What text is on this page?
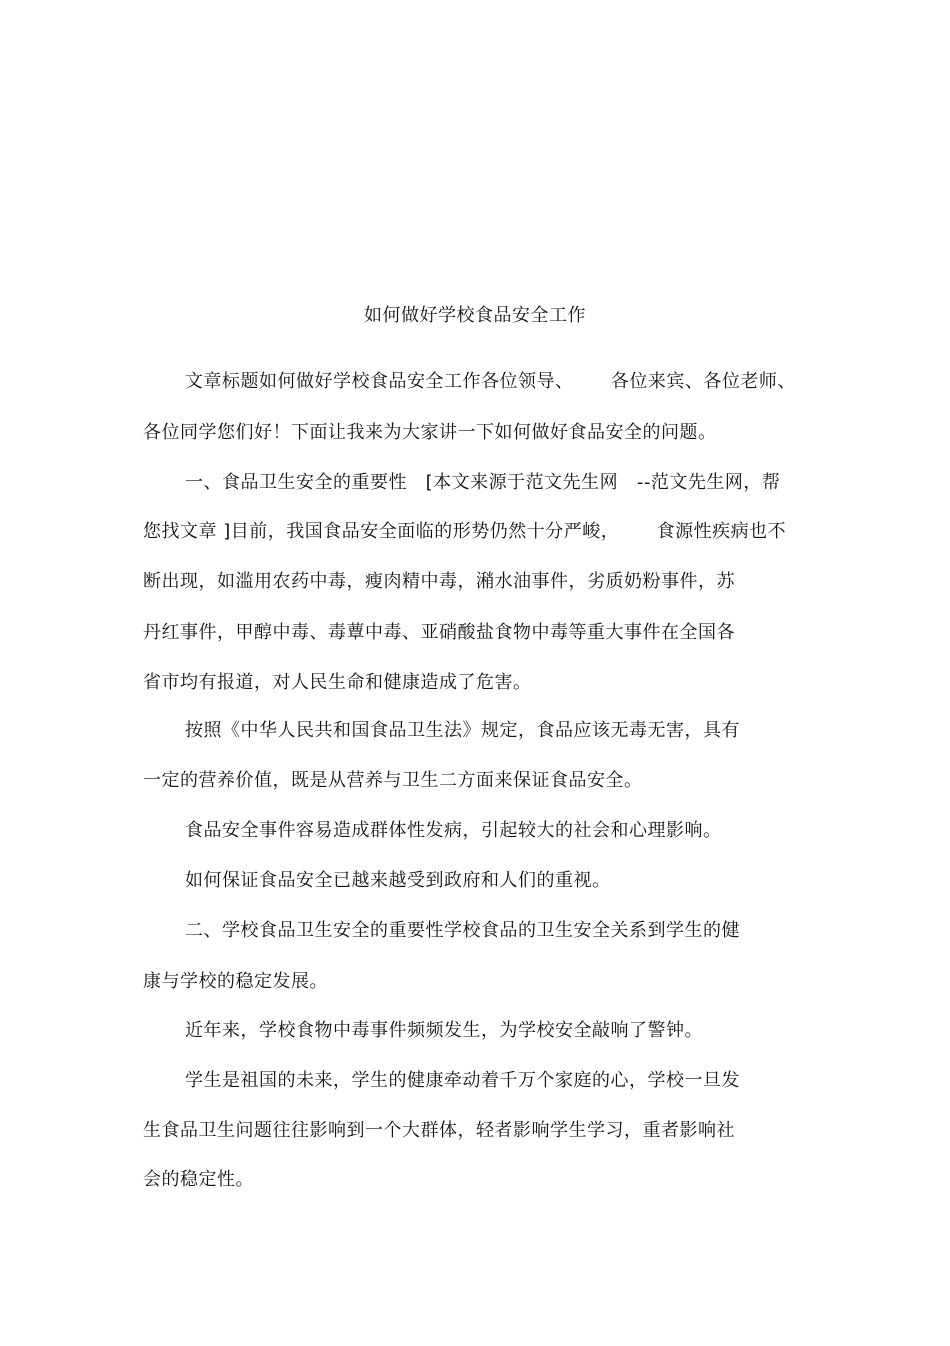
如何做好学校食品安全工作
文章标题如何做好学校食品安全工作各位领导、      各位来宾、各位老师、
各位同学您们好！下面让我来为大家讲一下如何做好食品安全的问题。
一、食品卫生安全的重要性   [本文来源于范文先生网   --范文先生网，帮
您找文章 ]目前，我国食品安全面临的形势仍然十分严峻，      食源性疾病也不
断出现，如滥用农药中毒，瘦肉精中毒，潲水油事件，劣质奶粉事件，苏
丹红事件，甲醇中毒、毒蕈中毒、亚硝酸盐食物中毒等重大事件在全国各
省市均有报道，对人民生命和健康造成了危害。
按照《中华人民共和国食品卫生法》规定，食品应该无毒无害，具有
一定的营养价值，既是从营养与卫生二方面来保证食品安全。
食品安全事件容易造成群体性发病，引起较大的社会和心理影响。
如何保证食品安全已越来越受到政府和人们的重视。
二、学校食品卫生安全的重要性学校食品的卫生安全关系到学生的健
康与学校的稳定发展。
近年来，学校食物中毒事件频频发生，为学校安全敲响了警钟。
学生是祖国的未来，学生的健康牵动着千万个家庭的心，学校一旦发
生食品卫生问题往往影响到一个大群体，轻者影响学生学习，重者影响社
会的稳定性。
